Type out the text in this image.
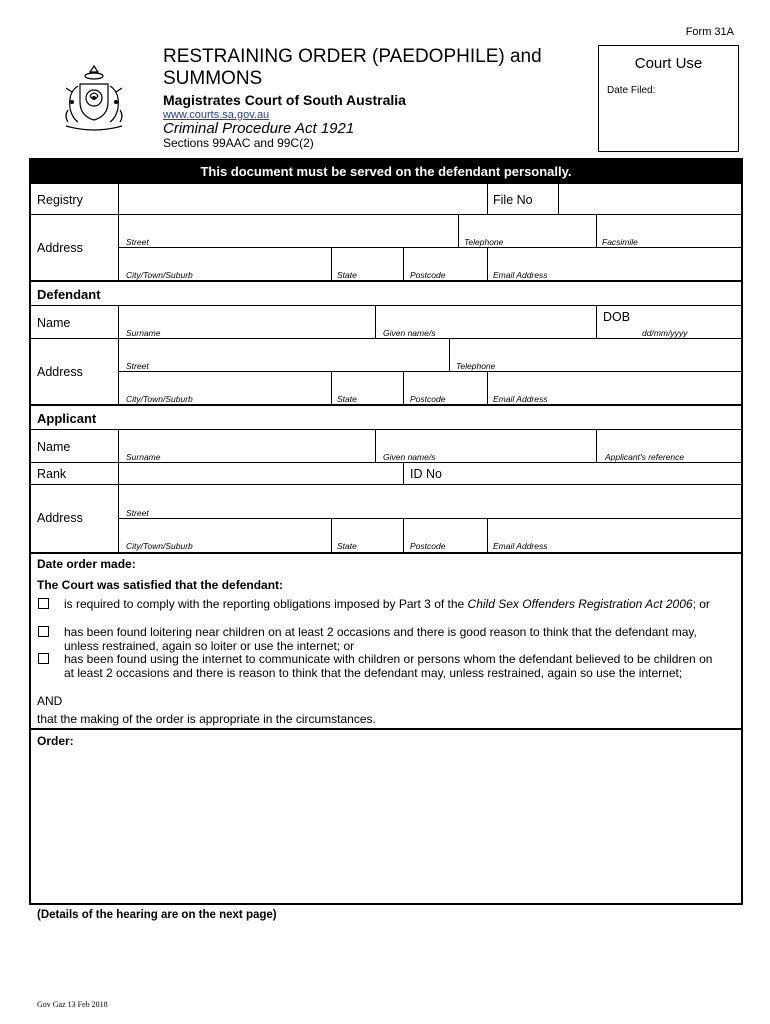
Form 31A
RESTRAINING ORDER (PAEDOPHILE) and SUMMONS
Magistrates Court of South Australia
www.courts.sa.gov.au
Criminal Procedure Act 1921
Sections 99AAC and 99C(2)
Court Use
Date Filed:
This document must be served on the defendant personally.
Registry	File No
Address	Street	Telephone	Facsimile
City/Town/Suburb	State	Postcode	Email Address
Defendant
Name	DOB
Surname	Given name/s	dd/mm/yyyy
Address	Street	Telephone
City/Town/Suburb	State	Postcode	Email Address
Applicant
Name
Surname	Given name/s	Applicant's reference
Rank	ID No
Address	Street
City/Town/Suburb	State	Postcode	Email Address
Date order made:
The Court was satisfied that the defendant:
is required to comply with the reporting obligations imposed by Part 3 of the Child Sex Offenders Registration Act 2006; or
has been found loitering near children on at least 2 occasions and there is good reason to think that the defendant may, unless restrained, again so loiter or use the internet; or
has been found using the internet to communicate with children or persons whom the defendant believed to be children on at least 2 occasions and there is reason to think that the defendant may, unless restrained, again so use the internet;
AND
that the making of the order is appropriate in the circumstances.
Order:
(Details of the hearing are on the next page)
Gov Gaz 13 Feb 2018
